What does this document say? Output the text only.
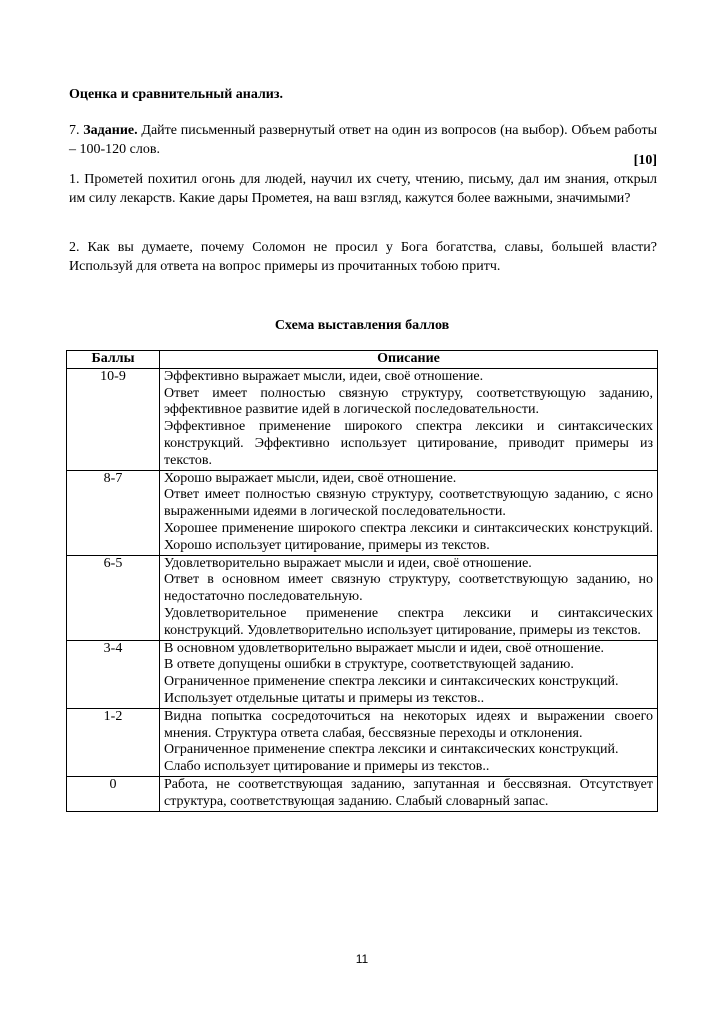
Оценка и сравнительный анализ.
7. Задание. Дайте письменный развернутый ответ на один из вопросов (на выбор). Объем работы – 100-120 слов.
[10]
1. Прометей похитил огонь для людей, научил их счету, чтению, письму, дал им знания, открыл им силу лекарств. Какие дары Прометея, на ваш взгляд, кажутся более важными, значимыми?
2. Как вы думаете, почему Соломон не просил у Бога богатства, славы, большей власти? Используй для ответа на вопрос примеры из прочитанных тобою притч.
Схема выставления баллов
Баллы	Описание
10-9	Эффективно выражает мысли, идеи, своё отношение.
Ответ имеет полностью связную структуру, соответствующую заданию, эффективное развитие идей в логической последовательности.
Эффективное применение широкого спектра лексики и синтаксических конструкций. Эффективно использует цитирование, приводит примеры из текстов.

8-7	Хорошо выражает мысли, идеи, своё отношение.
Ответ имеет полностью связную структуру, соответствующую заданию, с ясно выраженными идеями в логической последовательности.
Хорошее применение широкого спектра лексики и синтаксических конструкций. Хорошо использует цитирование, примеры из текстов.

6-5	Удовлетворительно выражает мысли и идеи, своё отношение.
Ответ в основном имеет связную структуру, соответствующую заданию, но недостаточно последовательную.
Удовлетворительное применение спектра лексики и синтаксических конструкций. Удовлетворительно использует цитирование, примеры из текстов.

3-4	В основном удовлетворительно выражает мысли и идеи, своё отношение.
В ответе допущены ошибки в структуре, соответствующей заданию.
Ограниченное применение спектра лексики и синтаксических конструкций.
Использует отдельные цитаты и примеры из текстов..

1-2	Видна попытка сосредоточиться на некоторых идеях и выражении своего мнения. Структура ответа слабая, бессвязные переходы и отклонения.
Ограниченное применение спектра лексики и синтаксических конструкций.
Слабо использует цитирование и примеры из текстов..

0	Работа, не соответствующая заданию, запутанная и бессвязная. Отсутствует структура, соответствующая заданию. Слабый словарный запас.
11
